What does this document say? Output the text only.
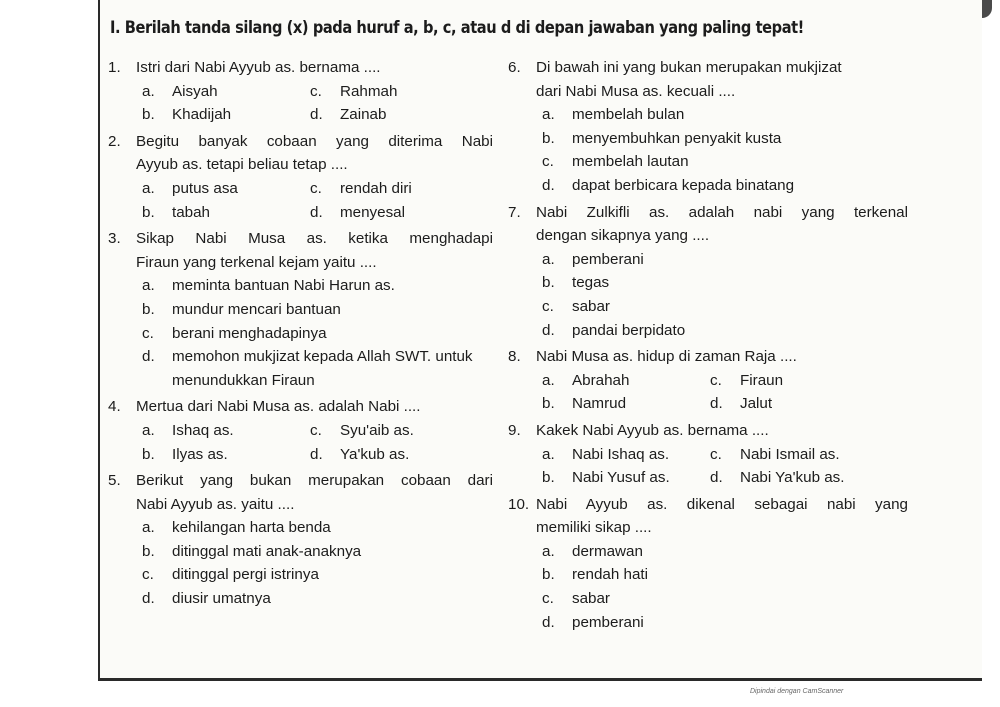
I. Berilah tanda silang (x) pada huruf a, b, c, atau d di depan jawaban yang paling tepat!
1.	Istri dari Nabi Ayyub as. bernama ....
a.	Aisyah	c.	Rahmah
b.	Khadijah	d.	Zainab
2.	Begitu banyak cobaan yang diterima Nabi
Ayyub as. tetapi beliau tetap ....
a.	putus asa	c.	rendah diri
b.	tabah	d.	menyesal
3.	Sikap Nabi Musa as. ketika menghadapi
Firaun yang terkenal kejam yaitu ....
a.	meminta bantuan Nabi Harun as.
b.	mundur mencari bantuan
c.	berani menghadapinya
d.	memohon mukjizat kepada Allah SWT. untuk menundukkan Firaun
4.	Mertua dari Nabi Musa as. adalah Nabi ....
a.	Ishaq as.	c.	Syu'aib as.
b.	Ilyas as.	d.	Ya'kub as.
5.	Berikut yang bukan merupakan cobaan dari
Nabi Ayyub as. yaitu ....
a.	kehilangan harta benda
b.	ditinggal mati anak-anaknya
c.	ditinggal pergi istrinya
d.	diusir umatnya
6.	Di bawah ini yang bukan merupakan mukjizat
dari Nabi Musa as. kecuali ....
a.	membelah bulan
b.	menyembuhkan penyakit kusta
c.	membelah lautan
d.	dapat berbicara kepada binatang
7.	Nabi Zulkifli as. adalah nabi yang terkenal
dengan sikapnya yang ....
a.	pemberani
b.	tegas
c.	sabar
d.	pandai berpidato
8.	Nabi Musa as. hidup di zaman Raja ....
a.	Abrahah	c.	Firaun
b.	Namrud	d.	Jalut
9.	Kakek Nabi Ayyub as. bernama ....
a.	Nabi Ishaq as.	c.	Nabi Ismail as.
b.	Nabi Yusuf as.	d.	Nabi Ya'kub as.
10. Nabi Ayyub as. dikenal sebagai nabi yang
memiliki sikap ....
a.	dermawan
b.	rendah hati
c.	sabar
d.	pemberani
Dipindai dengan CamScanner
